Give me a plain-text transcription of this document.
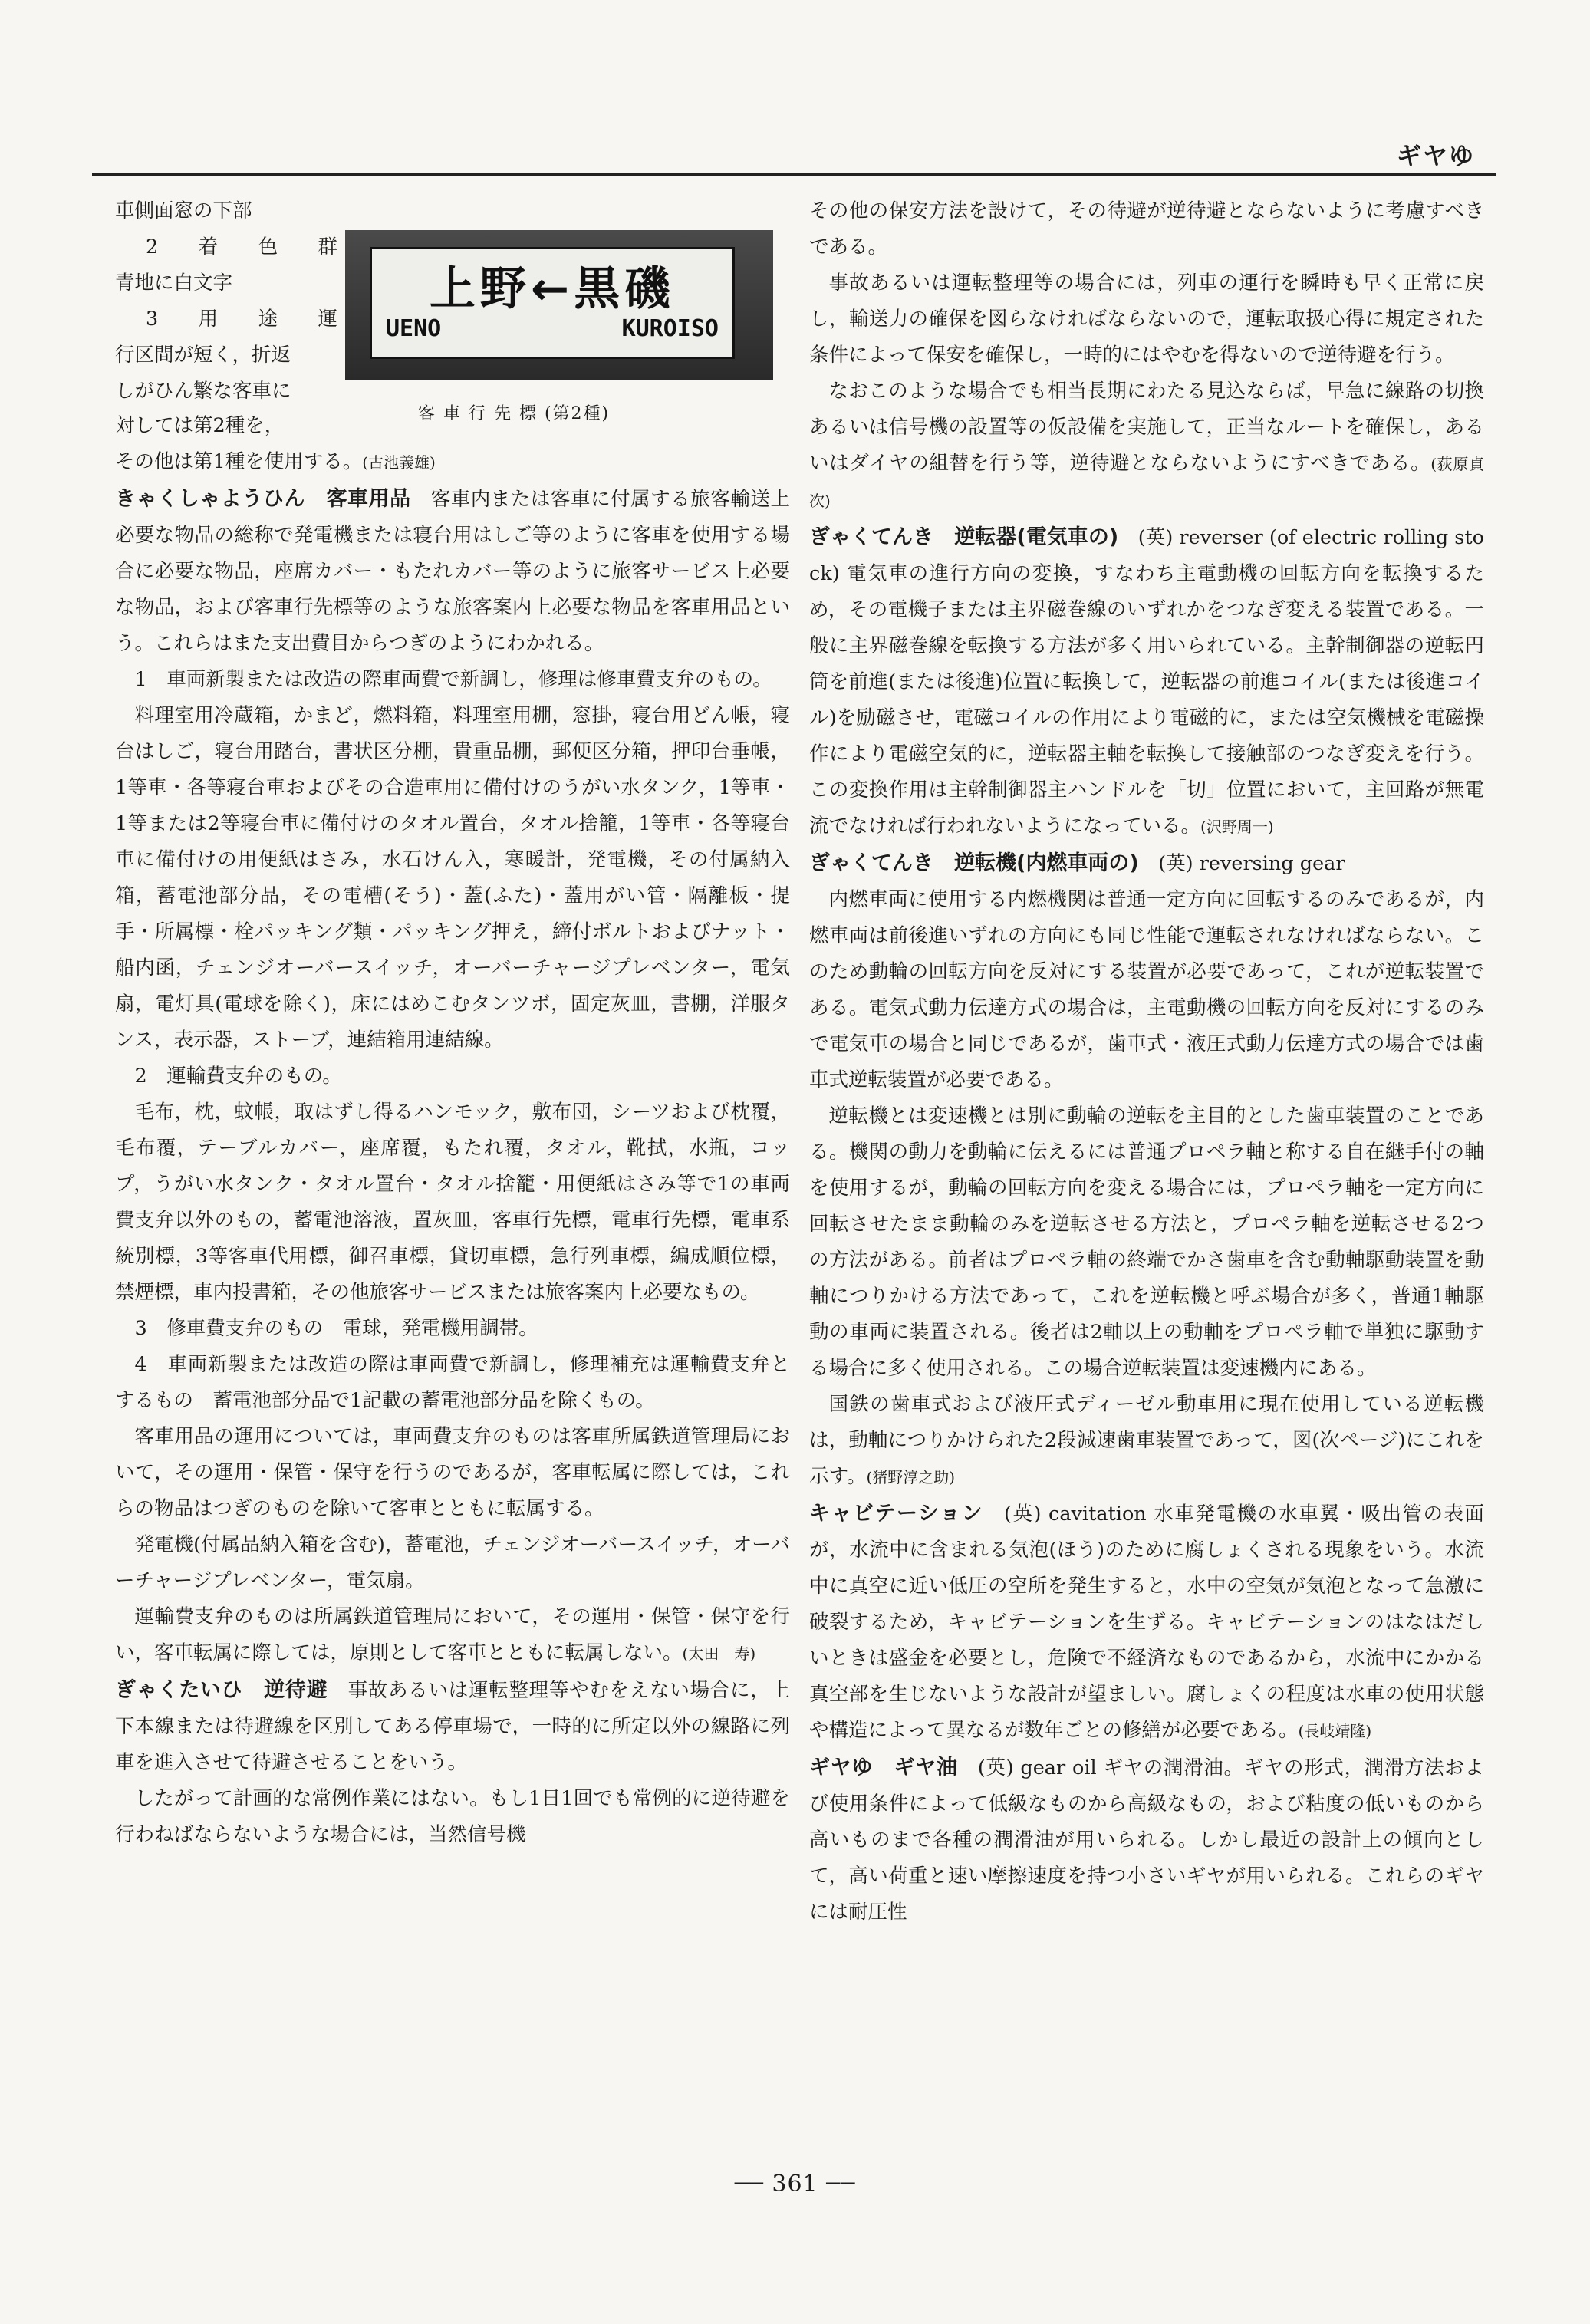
ギヤゆ

車側面窓の下部

2　着　色　群

青地に白文字

3　用　途　運

行区間が短く，折返

しがひん繁な客車に

上野←黒磯
UENO	KUROISO
客 車 行 先 標 (第2種)

対しては第2種を，

その他は第1種を使用する。(古池義雄)

きゃくしゃようひん　客車用品　客車内または客車に付属する旅客輸送上必要な物品の総称で発電機または寝台用はしご等のように客車を使用する場合に必要な物品，座席カバー・もたれカバー等のように旅客サービス上必要な物品，および客車行先標等のような旅客案内上必要な物品を客車用品という。これらはまた支出費目からつぎのようにわかれる。

1　車両新製または改造の際車両費で新調し，修理は修車費支弁のもの。

料理室用冷蔵箱，かまど，燃料箱，料理室用棚，窓掛，寝台用どん帳，寝台はしご，寝台用踏台，書状区分棚，貴重品棚，郵便区分箱，押印台垂帳，1等車・各等寝台車およびその合造車用に備付けのうがい水タンク，1等車・1等または2等寝台車に備付けのタオル置台，タオル捨籠，1等車・各等寝台車に備付けの用便紙はさみ，水石けん入，寒暖計，発電機，その付属納入箱，蓄電池部分品，その電槽(そう)・蓋(ふた)・蓋用がい管・隔離板・提手・所属標・栓パッキング類・パッキング押え，締付ボルトおよびナット・船内函，チェンジオーバースイッチ，オーバーチャージプレベンター，電気扇，電灯具(電球を除く)，床にはめこむタンツボ，固定灰皿，書棚，洋服タンス，表示器，ストーブ，連結箱用連結線。

2　運輸費支弁のもの。

毛布，枕，蚊帳，取はずし得るハンモック，敷布団，シーツおよび枕覆，毛布覆，テーブルカバー，座席覆，もたれ覆，タオル，靴拭，水瓶，コップ，うがい水タンク・タオル置台・タオル捨籠・用便紙はさみ等で1の車両費支弁以外のもの，蓄電池溶液，置灰皿，客車行先標，電車行先標，電車系統別標，3等客車代用標，御召車標，貸切車標，急行列車標，編成順位標，禁煙標，車内投書箱，その他旅客サービスまたは旅客案内上必要なもの。

3　修車費支弁のもの　電球，発電機用調帯。

4　車両新製または改造の際は車両費で新調し，修理補充は運輸費支弁とするもの　蓄電池部分品で1記載の蓄電池部分品を除くもの。

客車用品の運用については，車両費支弁のものは客車所属鉄道管理局において，その運用・保管・保守を行うのであるが，客車転属に際しては，これらの物品はつぎのものを除いて客車とともに転属する。

発電機(付属品納入箱を含む)，蓄電池，チェンジオーバースイッチ，オーバーチャージプレベンター，電気扇。

運輸費支弁のものは所属鉄道管理局において，その運用・保管・保守を行い，客車転属に際しては，原則として客車とともに転属しない。(太田　寿)

ぎゃくたいひ　逆待避　事故あるいは運転整理等やむをえない場合に，上下本線または待避線を区別してある停車場で，一時的に所定以外の線路に列車を進入させて待避させることをいう。

したがって計画的な常例作業にはない。もし1日1回でも常例的に逆待避を行わねばならないような場合には，当然信号機

その他の保安方法を設けて，その待避が逆待避とならないように考慮すべきである。

事故あるいは運転整理等の場合には，列車の運行を瞬時も早く正常に戻し，輸送力の確保を図らなければならないので，運転取扱心得に規定された条件によって保安を確保し，一時的にはやむを得ないので逆待避を行う。

なおこのような場合でも相当長期にわたる見込ならば，早急に線路の切換あるいは信号機の設置等の仮設備を実施して，正当なルートを確保し，あるいはダイヤの組替を行う等，逆待避とならないようにすべきである。(荻原貞次)

ぎゃくてんき　逆転器(電気車の)　 (英) reverser (of electric rolling stock) 電気車の進行方向の変換，すなわち主電動機の回転方向を転換するため，その電機子または主界磁巻線のいずれかをつなぎ変える装置である。一般に主界磁巻線を転換する方法が多く用いられている。主幹制御器の逆転円筒を前進(または後進)位置に転換して，逆転器の前進コイル(または後進コイル)を励磁させ，電磁コイルの作用により電磁的に，または空気機械を電磁操作により電磁空気的に，逆転器主軸を転換して接触部のつなぎ変えを行う。この変換作用は主幹制御器主ハンドルを「切」位置において，主回路が無電流でなければ行われないようになっている。(沢野周一)

ぎゃくてんき　逆転機(内燃車両の)　 (英) reversing gear

内燃車両に使用する内燃機関は普通一定方向に回転するのみであるが，内燃車両は前後進いずれの方向にも同じ性能で運転されなければならない。このため動輪の回転方向を反対にする装置が必要であって，これが逆転装置である。電気式動力伝達方式の場合は，主電動機の回転方向を反対にするのみで電気車の場合と同じであるが，歯車式・液圧式動力伝達方式の場合では歯車式逆転装置が必要である。

逆転機とは変速機とは別に動輪の逆転を主目的とした歯車装置のことである。機関の動力を動輪に伝えるには普通プロペラ軸と称する自在継手付の軸を使用するが，動輪の回転方向を変える場合には，プロペラ軸を一定方向に回転させたまま動輪のみを逆転させる方法と，プロペラ軸を逆転させる2つの方法がある。前者はプロペラ軸の終端でかさ歯車を含む動軸駆動装置を動軸につりかける方法であって，これを逆転機と呼ぶ場合が多く，普通1軸駆動の車両に装置される。後者は2軸以上の動軸をプロペラ軸で単独に駆動する場合に多く使用される。この場合逆転装置は変速機内にある。

国鉄の歯車式および液圧式ディーゼル動車用に現在使用している逆転機は，動軸につりかけられた2段減速歯車装置であって，図(次ページ)にこれを示す。(猪野淳之助)

キャビテーション　 (英) cavitation 水車発電機の水車翼・吸出管の表面が，水流中に含まれる気泡(ほう)のために腐しょくされる現象をいう。水流中に真空に近い低圧の空所を発生すると，水中の空気が気泡となって急激に破裂するため，キャビテーションを生ずる。キャビテーションのはなはだしいときは盛金を必要とし，危険で不経済なものであるから，水流中にかかる真空部を生じないような設計が望ましい。腐しょくの程度は水車の使用状態や構造によって異なるが数年ごとの修繕が必要である。(長岐靖隆)

ギヤゆ　ギヤ油　 (英) gear oil ギヤの潤滑油。ギヤの形式，潤滑方法および使用条件によって低級なものから高級なもの，および粘度の低いものから高いものまで各種の潤滑油が用いられる。しかし最近の設計上の傾向として，高い荷重と速い摩擦速度を持つ小さいギヤが用いられる。これらのギヤには耐圧性

── 361 ──
